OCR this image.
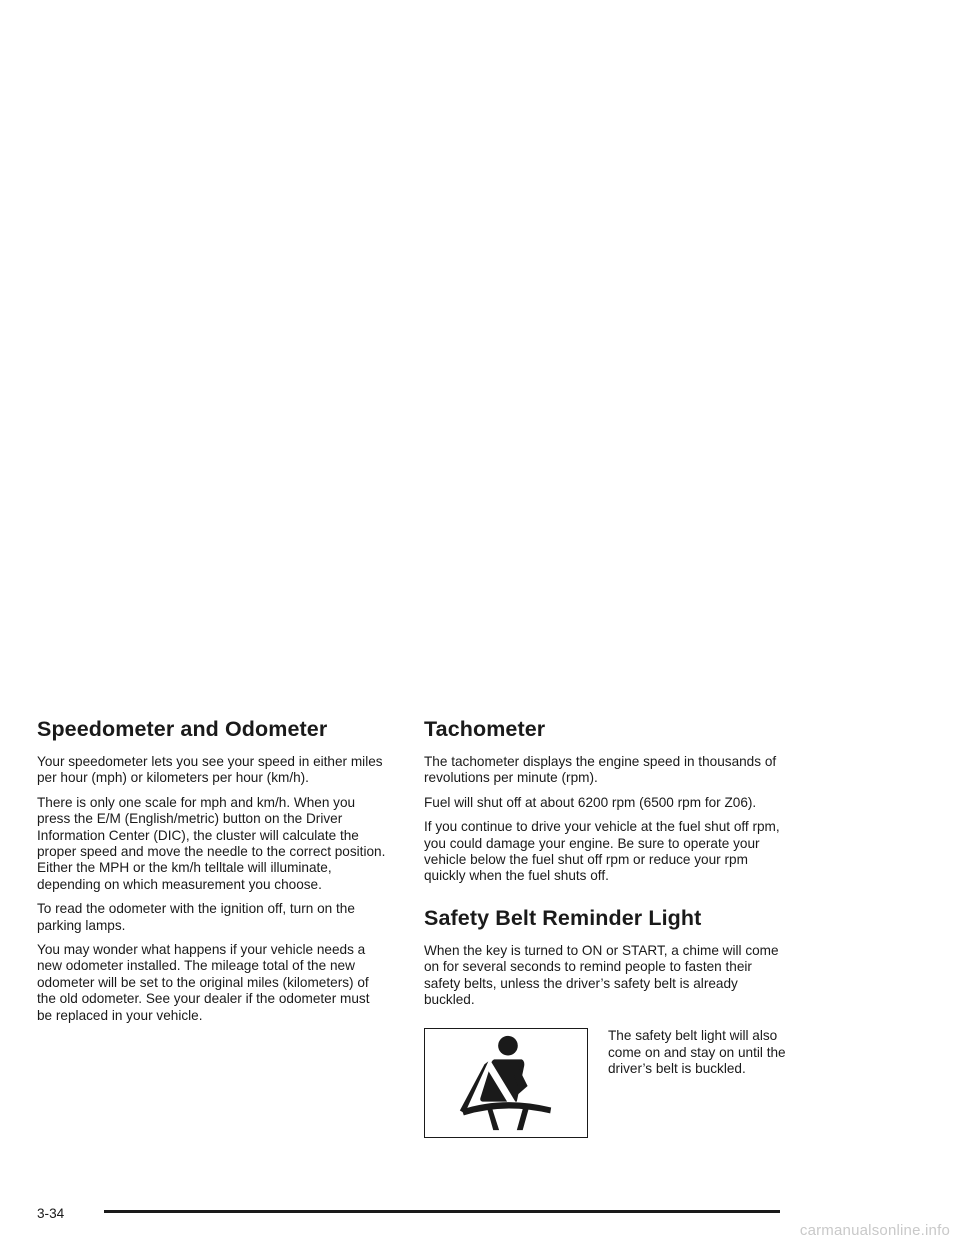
Speedometer and Odometer

Your speedometer lets you see your speed in either miles per hour (mph) or kilometers per hour (km/h).

There is only one scale for mph and km/h. When you press the E/M (English/metric) button on the Driver Information Center (DIC), the cluster will calculate the proper speed and move the needle to the correct position. Either the MPH or the km/h telltale will illuminate, depending on which measurement you choose.

To read the odometer with the ignition off, turn on the parking lamps.

You may wonder what happens if your vehicle needs a new odometer installed. The mileage total of the new odometer will be set to the original miles (kilometers) of the old odometer. See your dealer if the odometer must be replaced in your vehicle.

Tachometer

The tachometer displays the engine speed in thousands of revolutions per minute (rpm).

Fuel will shut off at about 6200 rpm (6500 rpm for Z06).

If you continue to drive your vehicle at the fuel shut off rpm, you could damage your engine. Be sure to operate your vehicle below the fuel shut off rpm or reduce your rpm quickly when the fuel shuts off.

Safety Belt Reminder Light

When the key is turned to ON or START, a chime will come on for several seconds to remind people to fasten their safety belts, unless the driver’s safety belt is already buckled.

The safety belt light will also come on and stay on until the driver’s belt is buckled.

3-34
carmanualsonline.info
